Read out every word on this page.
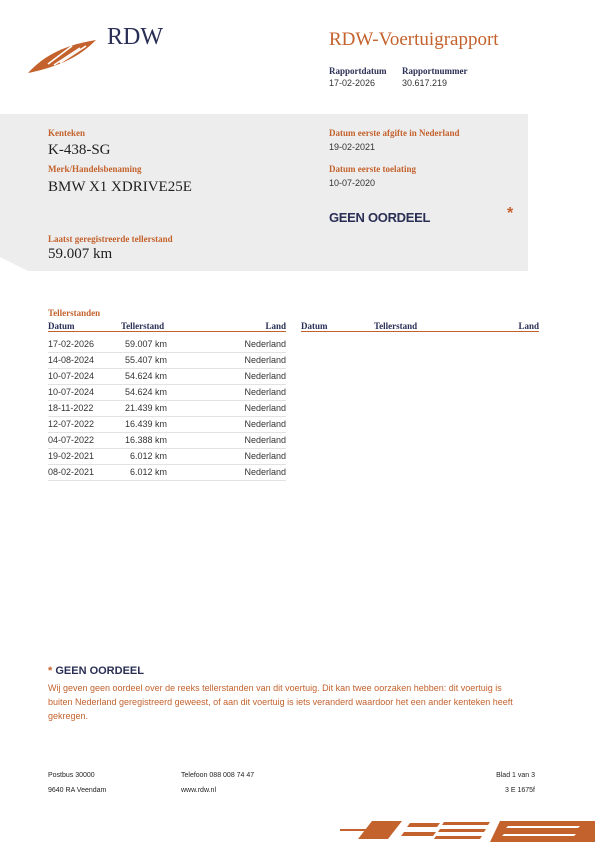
RDW	RDW-Voertuigrapport
Rapportdatum
17-02-2026
Rapportnummer
30.617.219
Kenteken
K-438-SG
Merk/Handelsbenaming
BMW X1 XDRIVE25E
Laatst geregistreerde tellerstand
59.007 km
Datum eerste afgifte in Nederland
19-02-2021
Datum eerste toelating
10-07-2020
GEEN OORDEEL	*
Tellerstanden
Datum	Tellerstand	Land Datum	Tellerstand	Land
17-02-2026	59.007 km	Nederland
14-08-2024	55.407 km	Nederland
10-07-2024	54.624 km	Nederland
10-07-2024	54.624 km	Nederland
18-11-2022	21.439 km	Nederland
12-07-2022	16.439 km	Nederland
04-07-2022	16.388 km	Nederland
19-02-2021	6.012 km	Nederland
08-02-2021	6.012 km	Nederland
* GEEN OORDEEL
Wij geven geen oordeel over de reeks tellerstanden van dit voertuig. Dit kan twee oorzaken hebben: dit voertuig is buiten Nederland geregistreerd geweest, of aan dit voertuig is iets veranderd waardoor het een ander kenteken heeft gekregen.
Postbus 30000
9640 RA Veendam
Telefoon 088 008 74 47
www.rdw.nl
Blad 1 van 3
3 E 1675f
